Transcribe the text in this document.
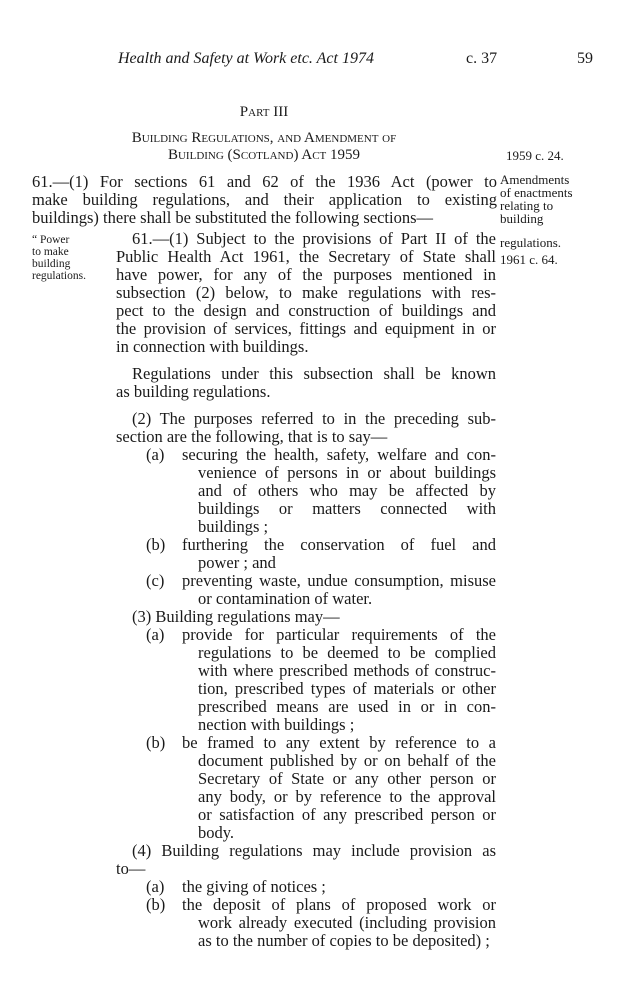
Health and Safety at Work etc. Act 1974	c. 37	59
Part III
Building Regulations, and Amendment of
Building (Scotland) Act 1959	1959 c. 24.
61.—(1) For sections 61 and 62 of the 1936 Act (power to
make building regulations, and their application to existing
buildings) there shall be substituted the following sections—
Amendments
of enactments
relating to
building
regulations.
1961 c. 64.
“ Power
to make
building
regulations.
61.—(1) Subject to the provisions of Part II of the
Public Health Act 1961, the Secretary of State shall
have power, for any of the purposes mentioned in
subsection (2) below, to make regulations with res-
pect to the design and construction of buildings and
the provision of services, fittings and equipment in or
in connection with buildings.
Regulations under this subsection shall be known
as building regulations.
(2) The purposes referred to in the preceding sub-
section are the following, that is to say—
(a) securing the health, safety, welfare and con-
venience of persons in or about buildings
and of others who may be affected by
buildings or matters connected with
buildings ;
(b) furthering the conservation of fuel and
power ; and
(c) preventing waste, undue consumption, misuse
or contamination of water.
(3) Building regulations may—
(a) provide for particular requirements of the
regulations to be deemed to be complied
with where prescribed methods of construc-
tion, prescribed types of materials or other
prescribed means are used in or in con-
nection with buildings ;
(b) be framed to any extent by reference to a
document published by or on behalf of the
Secretary of State or any other person or
any body, or by reference to the approval
or satisfaction of any prescribed person or
body.
(4) Building regulations may include provision as
to—
(a) the giving of notices ;
(b) the deposit of plans of proposed work or
work already executed (including provision
as to the number of copies to be deposited) ;
